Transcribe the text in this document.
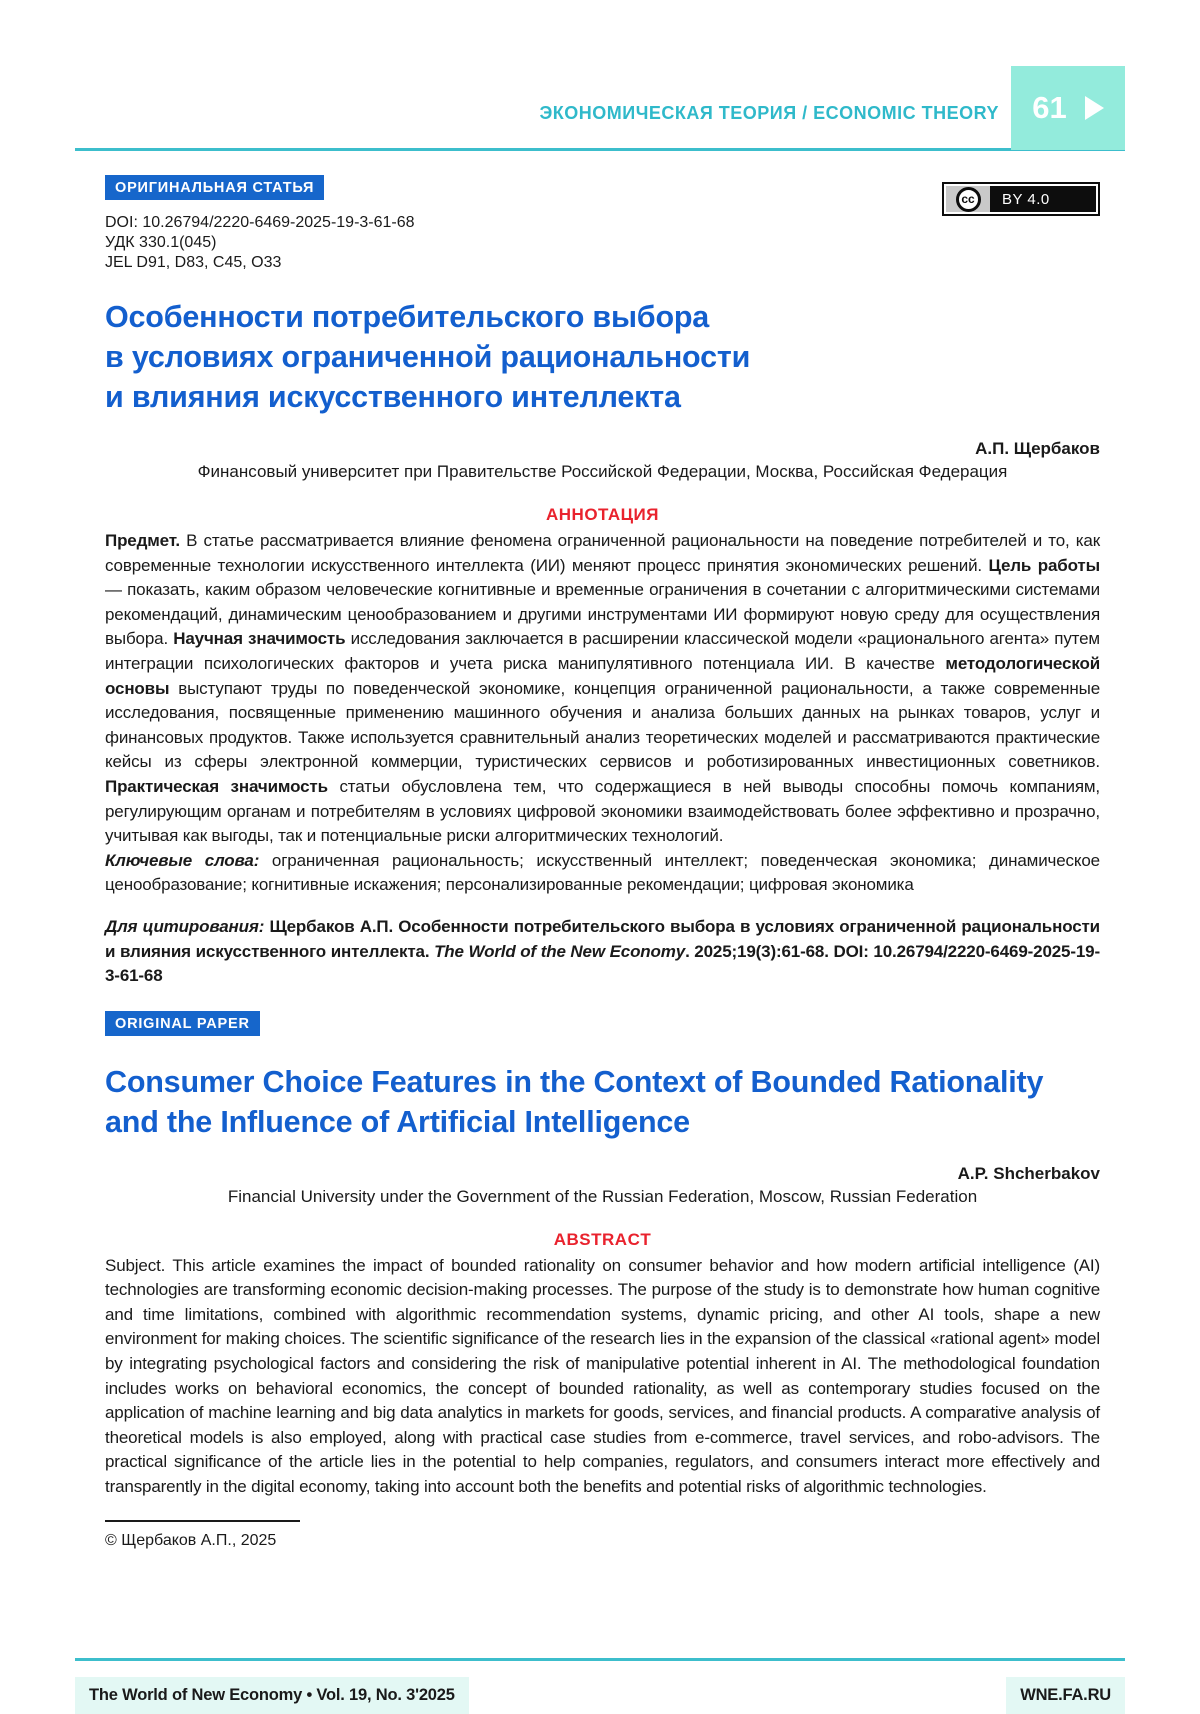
ЭКОНОМИЧЕСКАЯ ТЕОРИЯ / ECONOMIC THEORY 61
ОРИГИНАЛЬНАЯ СТАТЬЯ
DOI: 10.26794/2220-6469-2025-19-3-61-68
УДК 330.1(045)
JEL D91, D83, C45, O33
cc	BY 4.0
Особенности потребительского выбора
в условиях ограниченной рациональности
и влияния искусственного интеллекта
А.П. Щербаков
Финансовый университет при Правительстве Российской Федерации, Москва, Российская Федерация
АННОТАЦИЯ

Предмет. В статье рассматривается влияние феномена ограниченной рациональности на поведение потребителей и то, как современные технологии искусственного интеллекта (ИИ) меняют процесс принятия экономических решений. Цель работы — показать, каким образом человеческие когнитивные и временные ограничения в сочетании с алгоритмическими системами рекомендаций, динамическим ценообразованием и другими инструментами ИИ формируют новую среду для осуществления выбора. Научная значимость исследования заключается в расширении классической модели «рационального агента» путем интеграции психологических факторов и учета риска манипулятивного потенциала ИИ. В качестве методологической основы выступают труды по поведенческой экономике, концепция ограниченной рациональности, а также современные исследования, посвященные применению машинного обучения и анализа больших данных на рынках товаров, услуг и финансовых продуктов. Также используется сравнительный анализ теоретических моделей и рассматриваются практические кейсы из сферы электронной коммерции, туристических сервисов и роботизированных инвестиционных советников. Практическая значимость статьи обусловлена тем, что содержащиеся в ней выводы способны помочь компаниям, регулирующим органам и потребителям в условиях цифровой экономики взаимодействовать более эффективно и прозрачно, учитывая как выгоды, так и потенциальные риски алгоритмических технологий.

Ключевые слова: ограниченная рациональность; искусственный интеллект; поведенческая экономика; динамическое ценообразование; когнитивные искажения; персонализированные рекомендации; цифровая экономика

Для цитирования: Щербаков А.П. Особенности потребительского выбора в условиях ограниченной рациональности и влияния искусственного интеллекта. The World of the New Economy. 2025;19(3):61-68. DOI: 10.26794/2220-6469-2025-19-3-61-68

ORIGINAL PAPER
Consumer Choice Features in the Context of Bounded Rationality and the Influence of Artificial Intelligence
A.P. Shcherbakov
Financial University under the Government of the Russian Federation, Moscow, Russian Federation
ABSTRACT

Subject. This article examines the impact of bounded rationality on consumer behavior and how modern artificial intelligence (AI) technologies are transforming economic decision-making processes. The purpose of the study is to demonstrate how human cognitive and time limitations, combined with algorithmic recommendation systems, dynamic pricing, and other AI tools, shape a new environment for making choices. The scientific significance of the research lies in the expansion of the classical «rational agent» model by integrating psychological factors and considering the risk of manipulative potential inherent in AI. The methodological foundation includes works on behavioral economics, the concept of bounded rationality, as well as contemporary studies focused on the application of machine learning and big data analytics in markets for goods, services, and financial products. A comparative analysis of theoretical models is also employed, along with practical case studies from e-commerce, travel services, and robo-advisors. The practical significance of the article lies in the potential to help companies, regulators, and consumers interact more effectively and transparently in the digital economy, taking into account both the benefits and potential risks of algorithmic technologies.

© Щербаков А.П., 2025
The World of New Economy • Vol. 19, No. 3'2025	WNE.FA.RU
